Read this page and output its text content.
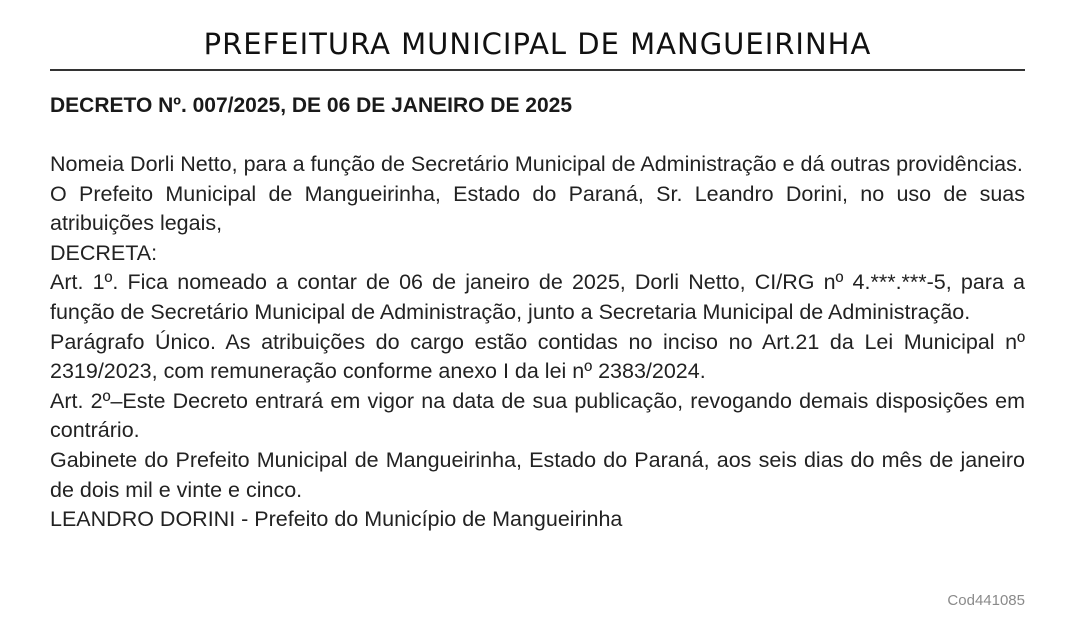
PREFEITURA MUNICIPAL DE MANGUEIRINHA
DECRETO Nº. 007/2025, DE 06 DE JANEIRO DE 2025

Nomeia Dorli Netto, para a função de Secretário Municipal de Administração e dá outras providências.

O Prefeito Municipal de Mangueirinha, Estado do Paraná, Sr. Leandro Dorini, no uso de suas atribuições legais,

DECRETA:

Art. 1º. Fica nomeado a contar de 06 de janeiro de 2025, Dorli Netto, CI/RG nº 4.***.***-5, para a função de Secretário Municipal de Administração, junto a Secretaria Municipal de Administração.

Parágrafo Único. As atribuições do cargo estão contidas no inciso no Art.21 da Lei Municipal nº 2319/2023, com remuneração conforme anexo I da lei nº 2383/2024.

Art. 2º–Este Decreto entrará em vigor na data de sua publicação, revogando demais disposições em contrário.

Gabinete do Prefeito Municipal de Mangueirinha, Estado do Paraná, aos seis dias do mês de janeiro de dois mil e vinte e cinco.

LEANDRO DORINI - Prefeito do Município de Mangueirinha

Cod441085
